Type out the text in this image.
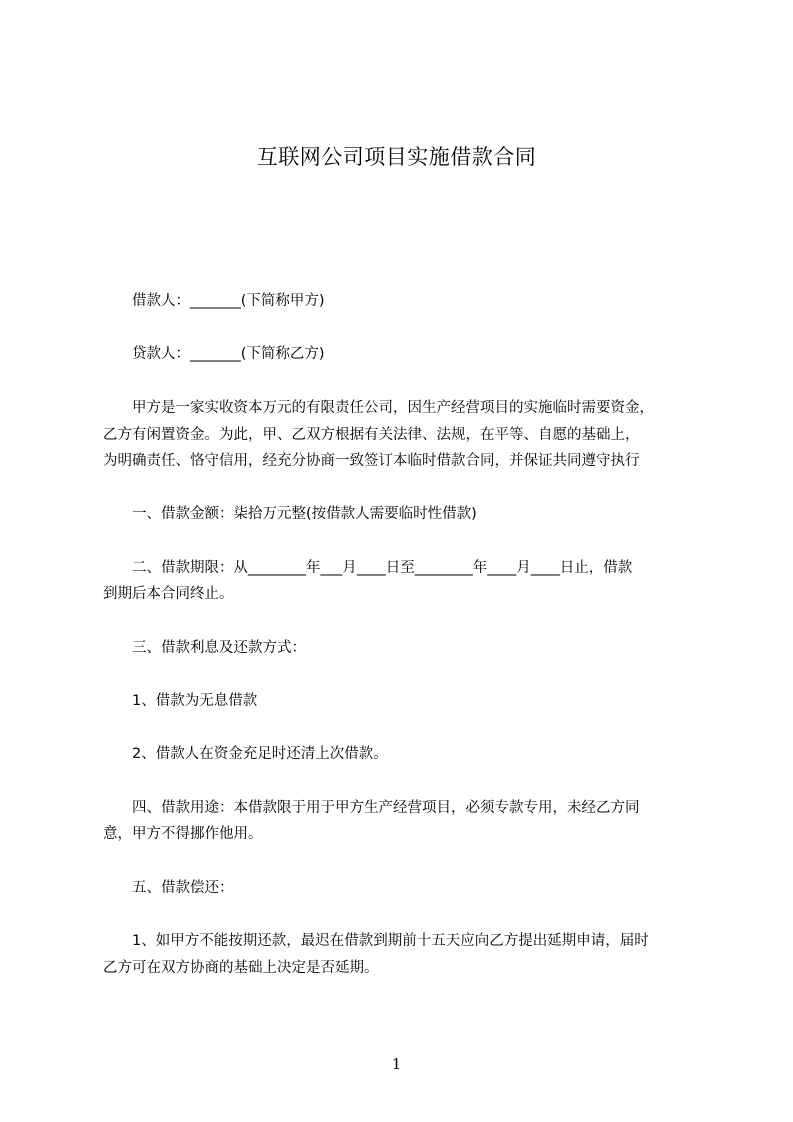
互联网公司项目实施借款合同
　　借款人：_______(下简称甲方)
　　贷款人：_______(下简称乙方)
　　甲方是一家实收资本万元的有限责任公司，因生产经营项目的实施临时需要资金，
乙方有闲置资金。为此，甲、乙双方根据有关法律、法规，在平等、自愿的基础上，
为明确责任、恪守信用，经充分协商一致签订本临时借款合同，并保证共同遵守执行
　　一、借款金额：柒拾万元整(按借款人需要临时性借款)
　　二、借款期限：从________年___月____日至________年____月____日止，借款
到期后本合同终止。
　　三、借款利息及还款方式：
　　1、借款为无息借款
　　2、借款人在资金充足时还清上次借款。
　　四、借款用途：本借款限于用于甲方生产经营项目，必须专款专用，未经乙方同
意，甲方不得挪作他用。
　　五、借款偿还：
　　1、如甲方不能按期还款，最迟在借款到期前十五天应向乙方提出延期申请，届时
乙方可在双方协商的基础上决定是否延期。
1
